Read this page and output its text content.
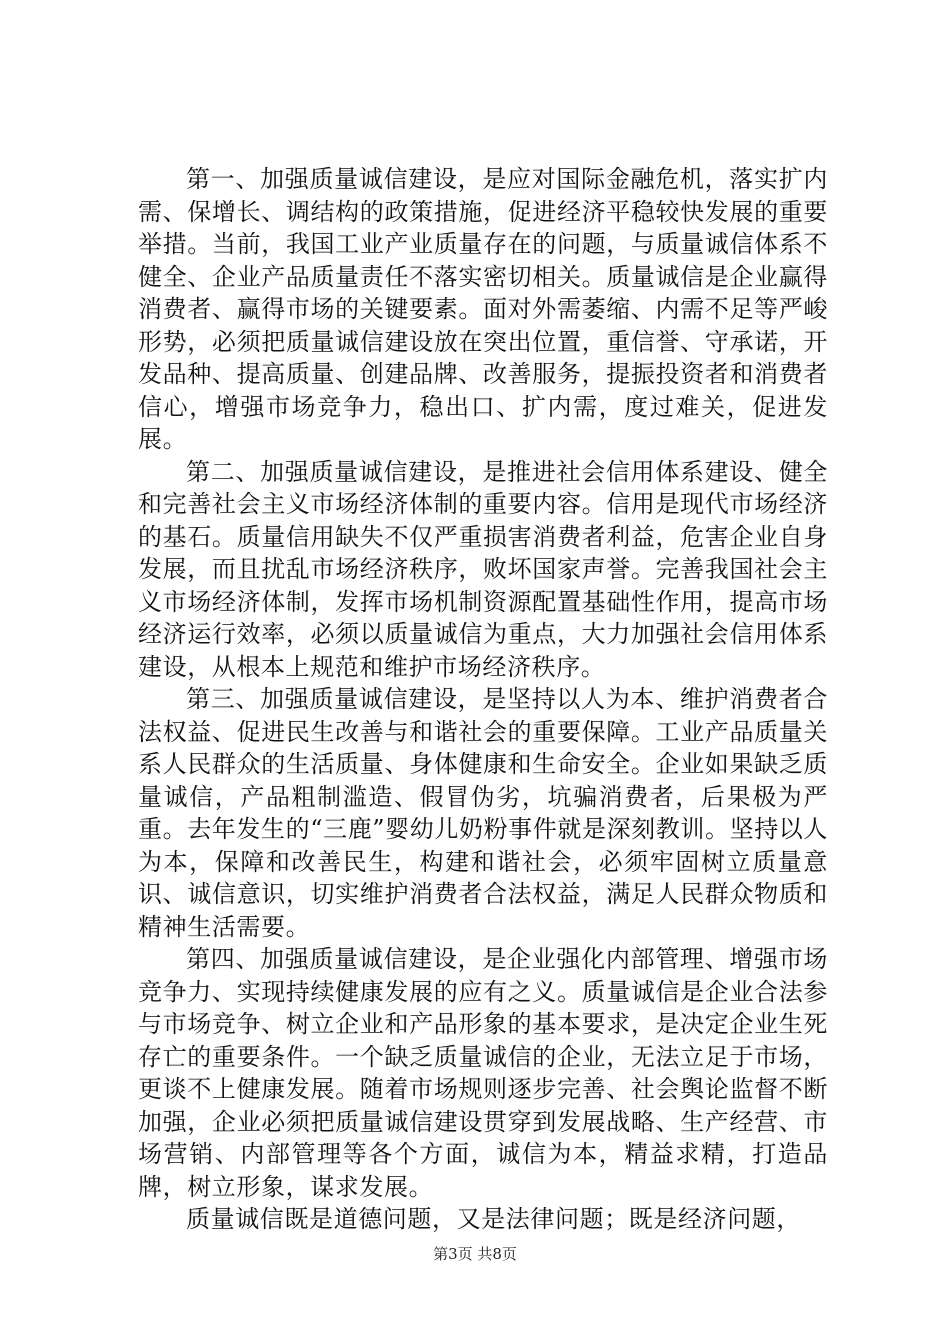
第一、加强质量诚信建设，是应对国际金融危机，落实扩内需、保增长、调结构的政策措施，促进经济平稳较快发展的重要举措。当前，我国工业产业质量存在的问题，与质量诚信体系不健全、企业产品质量责任不落实密切相关。质量诚信是企业赢得消费者、赢得市场的关键要素。面对外需萎缩、内需不足等严峻形势，必须把质量诚信建设放在突出位置，重信誉、守承诺，开发品种、提高质量、创建品牌、改善服务，提振投资者和消费者信心，增强市场竞争力，稳出口、扩内需，度过难关，促进发展。

第二、加强质量诚信建设，是推进社会信用体系建设、健全和完善社会主义市场经济体制的重要内容。信用是现代市场经济的基石。质量信用缺失不仅严重损害消费者利益，危害企业自身发展，而且扰乱市场经济秩序，败坏国家声誉。完善我国社会主义市场经济体制，发挥市场机制资源配置基础性作用，提高市场经济运行效率，必须以质量诚信为重点，大力加强社会信用体系建设，从根本上规范和维护市场经济秩序。

第三、加强质量诚信建设，是坚持以人为本、维护消费者合法权益、促进民生改善与和谐社会的重要保障。工业产品质量关系人民群众的生活质量、身体健康和生命安全。企业如果缺乏质量诚信，产品粗制滥造、假冒伪劣，坑骗消费者，后果极为严重。去年发生的“三鹿”婴幼儿奶粉事件就是深刻教训。坚持以人为本，保障和改善民生，构建和谐社会，必须牢固树立质量意识、诚信意识，切实维护消费者合法权益，满足人民群众物质和精神生活需要。

第四、加强质量诚信建设，是企业强化内部管理、增强市场竞争力、实现持续健康发展的应有之义。质量诚信是企业合法参与市场竞争、树立企业和产品形象的基本要求，是决定企业生死存亡的重要条件。一个缺乏质量诚信的企业，无法立足于市场，更谈不上健康发展。随着市场规则逐步完善、社会舆论监督不断加强，企业必须把质量诚信建设贯穿到发展战略、生产经营、市场营销、内部管理等各个方面，诚信为本，精益求精，打造品牌，树立形象，谋求发展。

质量诚信既是道德问题，又是法律问题；既是经济问题，

第3页 共8页
